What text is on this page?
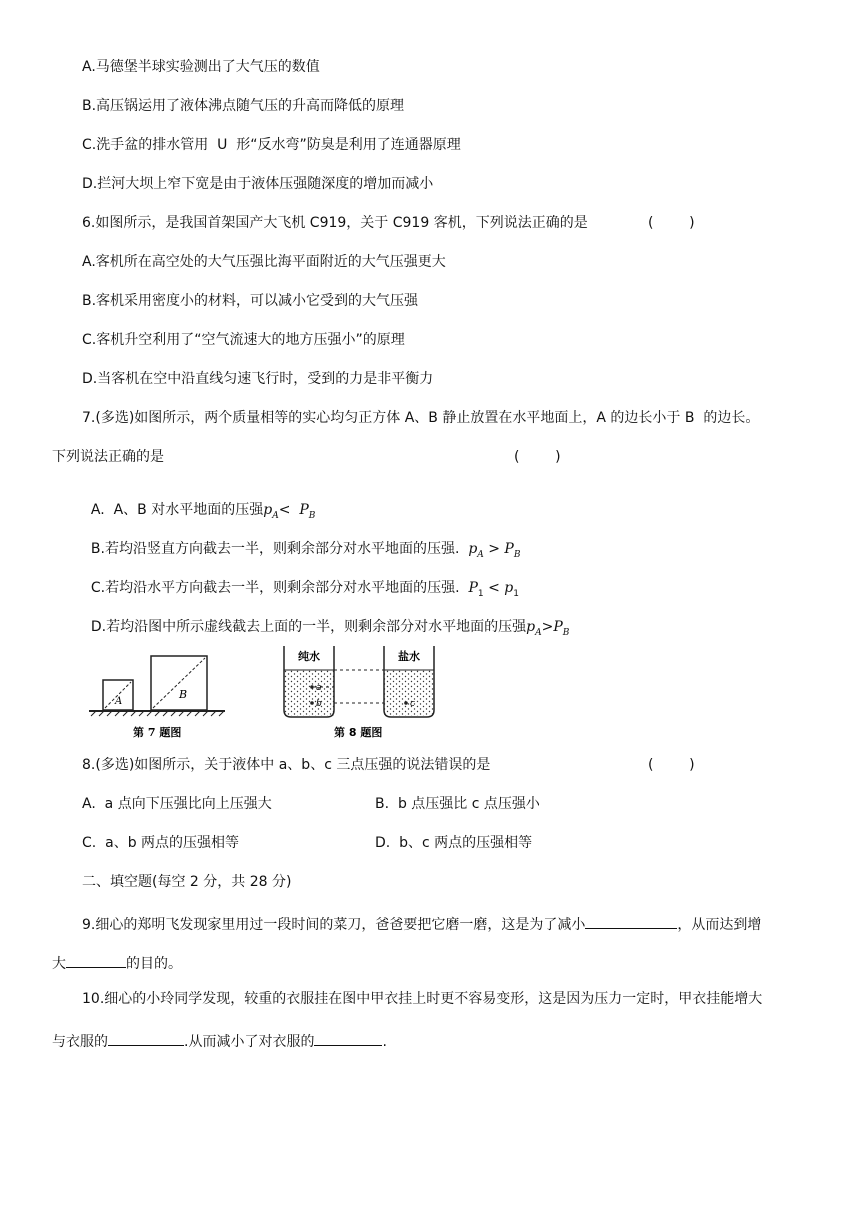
A.马德堡半球实验测出了大气压的数值
B.高压锅运用了液体沸点随气压的升高而降低的原理
C.洗手盆的排水管用  U  形“反水弯”防臭是利用了连通器原理
D.拦河大坝上窄下宽是由于液体压强随深度的增加而减小
6.如图所示，是我国首架国产大飞机 C919，关于 C919 客机，下列说法正确的是	(        )
A.客机所在高空处的大气压强比海平面附近的大气压强更大
B.客机采用密度小的材料，可以减小它受到的大气压强
C.客机升空利用了“空气流速大的地方压强小”的原理
D.当客机在空中沿直线匀速飞行时，受到的力是非平衡力
7.(多选)如图所示，两个质量相等的实心均匀正方体 A、B 静止放置在水平地面上，A 的边长小于 B  的边长。
下列说法正确的是	(        )

A.  A、B 对水平地面的压强$p_A< P_B$

B.若均沿竖直方向截去一半，则剩余部分对水平地面的压强.  $p_A > P_B$

C.若均沿水平方向截去一半，则剩余部分对水平地面的压强.  $P_1 < p_1$

D.若均沿图中所示虚线截去上面的一半，则剩余部分对水平地面的压强$p_A>P_B$

A
B
第 7 题图
纯水	盐水
a
b	c
第 8 题图
8.(多选)如图所示，关于液体中 a、b、c 三点压强的说法错误的是	(        )
A.  a 点向下压强比向上压强大	B.  b 点压强比 c 点压强小
C.  a、b 两点的压强相等	D.  b、c 两点的压强相等
二、填空题(每空 2 分，共 28 分)
9.细心的郑明飞发现家里用过一段时间的菜刀，爸爸要把它磨一磨，这是为了减小	，从而达到增
大	的目的。
10.细心的小玲同学发现，较重的衣服挂在图中甲衣挂上时更不容易变形，这是因为压力一定时，甲衣挂能增大
与衣服的	.从而减小了对衣服的	.
